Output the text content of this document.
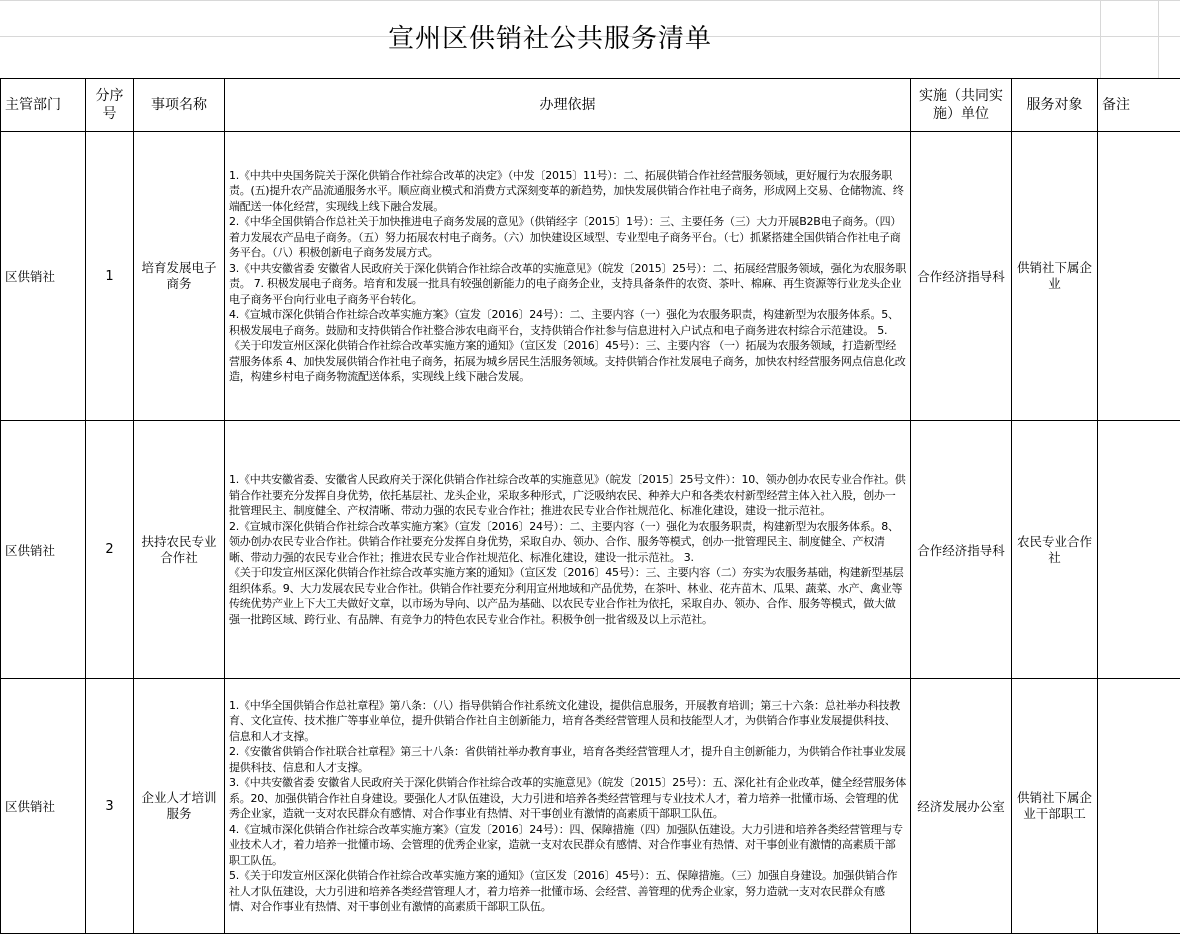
宣州区供销社公共服务清单
主管部门	分序号	事项名称	办理依据	实施（共同实施）单位	服务对象	备注
区供销社	1	培育发展电子商务	1.《中共中央国务院关于深化供销合作社综合改革的决定》（中发〔2015〕11号）：二、拓展供销合作社经营服务领域，更好履行为农服务职责。(五)提升农产品流通服务水平。顺应商业模式和消费方式深刻变革的新趋势，加快发展供销合作社电子商务，形成网上交易、仓储物流、终端配送一体化经营，实现线上线下融合发展。

2.《中华全国供销合作总社关于加快推进电子商务发展的意见》（供销经字〔2015〕1号）：三、主要任务（三）大力开展B2B电子商务。（四）着力发展农产品电子商务。（五）努力拓展农村电子商务。（六）加快建设区域型、专业型电子商务平台。（七）抓紧搭建全国供销合作社电子商务平台。（八）积极创新电子商务发展方式。

3.《中共安徽省委 安徽省人民政府关于深化供销合作社综合改革的实施意见》（皖发〔2015〕25号）：二、拓展经营服务领域，强化为农服务职责。 7. 积极发展电子商务。培育和发展一批具有较强创新能力的电子商务企业，支持具备条件的农资、茶叶、棉麻、再生资源等行业龙头企业电子商务平台向行业电子商务平台转化。

4.《宣城市深化供销合作社综合改革实施方案》（宣发〔2016〕24号）：二、主要内容（一）强化为农服务职责，构建新型为农服务体系。5、积极发展电子商务。鼓励和支持供销合作社整合涉农电商平台，支持供销合作社参与信息进村入户试点和电子商务进农村综合示范建设。 5.

《关于印发宣州区深化供销合作社综合改革实施方案的通知》（宣区发〔2016〕45号）：三、主要内容 （一）拓展为农服务领域，打造新型经营服务体系 4、加快发展供销合作社电子商务，拓展为城乡居民生活服务领域。支持供销合作社发展电子商务，加快农村经营服务网点信息化改造，构建乡村电子商务物流配送体系，实现线上线下融合发展。	合作经济指导科	供销社下属企业	
区供销社	2	扶持农民专业合作社	1.《中共安徽省委、安徽省人民政府关于深化供销合作社综合改革的实施意见》（皖发〔2015〕25号文件）：10、领办创办农民专业合作社。供销合作社要充分发挥自身优势，依托基层社、龙头企业，采取多种形式，广泛吸纳农民、种养大户和各类农村新型经营主体入社入股，创办一批管理民主、制度健全、产权清晰、带动力强的农民专业合作社；推进农民专业合作社规范化、标准化建设，建设一批示范社。

2.《宣城市深化供销合作社综合改革实施方案》（宣发〔2016〕24号）：二、主要内容（一）强化为农服务职责，构建新型为农服务体系。8、领办创办农民专业合作社。供销合作社要充分发挥自身优势，采取自办、领办、合作、服务等模式，创办一批管理民主、制度健全、产权清晰、带动力强的农民专业合作社；推进农民专业合作社规范化、标准化建设，建设一批示范社。 3.

《关于印发宣州区深化供销合作社综合改革实施方案的通知》（宣区发〔2016〕45号）：三、主要内容（二）夯实为农服务基础，构建新型基层组织体系。9、大力发展农民专业合作社。供销合作社要充分利用宣州地域和产品优势，在茶叶、林业、花卉苗木、瓜果、蔬菜、水产、禽业等传统优势产业上下大工夫做好文章，以市场为导向、以产品为基础、以农民专业合作社为依托，采取自办、领办、合作、服务等模式，做大做强一批跨区域、跨行业、有品牌、有竞争力的特色农民专业合作社。积极争创一批省级及以上示范社。	合作经济指导科	农民专业合作社	
区供销社	3	企业人才培训服务	1.《中华全国供销合作总社章程》第八条：（八）指导供销合作社系统文化建设，提供信息服务，开展教育培训；第三十六条：总社举办科技教育、文化宣传、技术推广等事业单位，提升供销合作社自主创新能力，培育各类经营管理人员和技能型人才，为供销合作事业发展提供科技、信息和人才支撑。

2.《安徽省供销合作社联合社章程》第三十八条：省供销社举办教育事业，培育各类经营管理人才，提升自主创新能力，为供销合作社事业发展提供科技、信息和人才支撑。

3.《中共安徽省委 安徽省人民政府关于深化供销合作社综合改革的实施意见》（皖发〔2015〕25号）：五、深化社有企业改革，健全经营服务体系。20、加强供销合作社自身建设。要强化人才队伍建设，大力引进和培养各类经营管理与专业技术人才，着力培养一批懂市场、会管理的优秀企业家，造就一支对农民群众有感情、对合作事业有热情、对干事创业有激情的高素质干部职工队伍。

4.《宣城市深化供销合作社综合改革实施方案》（宣发〔2016〕24号）：四、保障措施（四）加强队伍建设。大力引进和培养各类经营管理与专业技术人才，着力培养一批懂市场、会管理的优秀企业家，造就一支对农民群众有感情、对合作事业有热情、对干事创业有激情的高素质干部职工队伍。

5.《关于印发宣州区深化供销合作社综合改革实施方案的通知》（宣区发〔2016〕45号）：五、保障措施。（三）加强自身建设。加强供销合作社人才队伍建设，大力引进和培养各类经营管理人才，着力培养一批懂市场、会经营、善管理的优秀企业家，努力造就一支对农民群众有感情、对合作事业有热情、对干事创业有激情的高素质干部职工队伍。	经济发展办公室	供销社下属企业干部职工	
